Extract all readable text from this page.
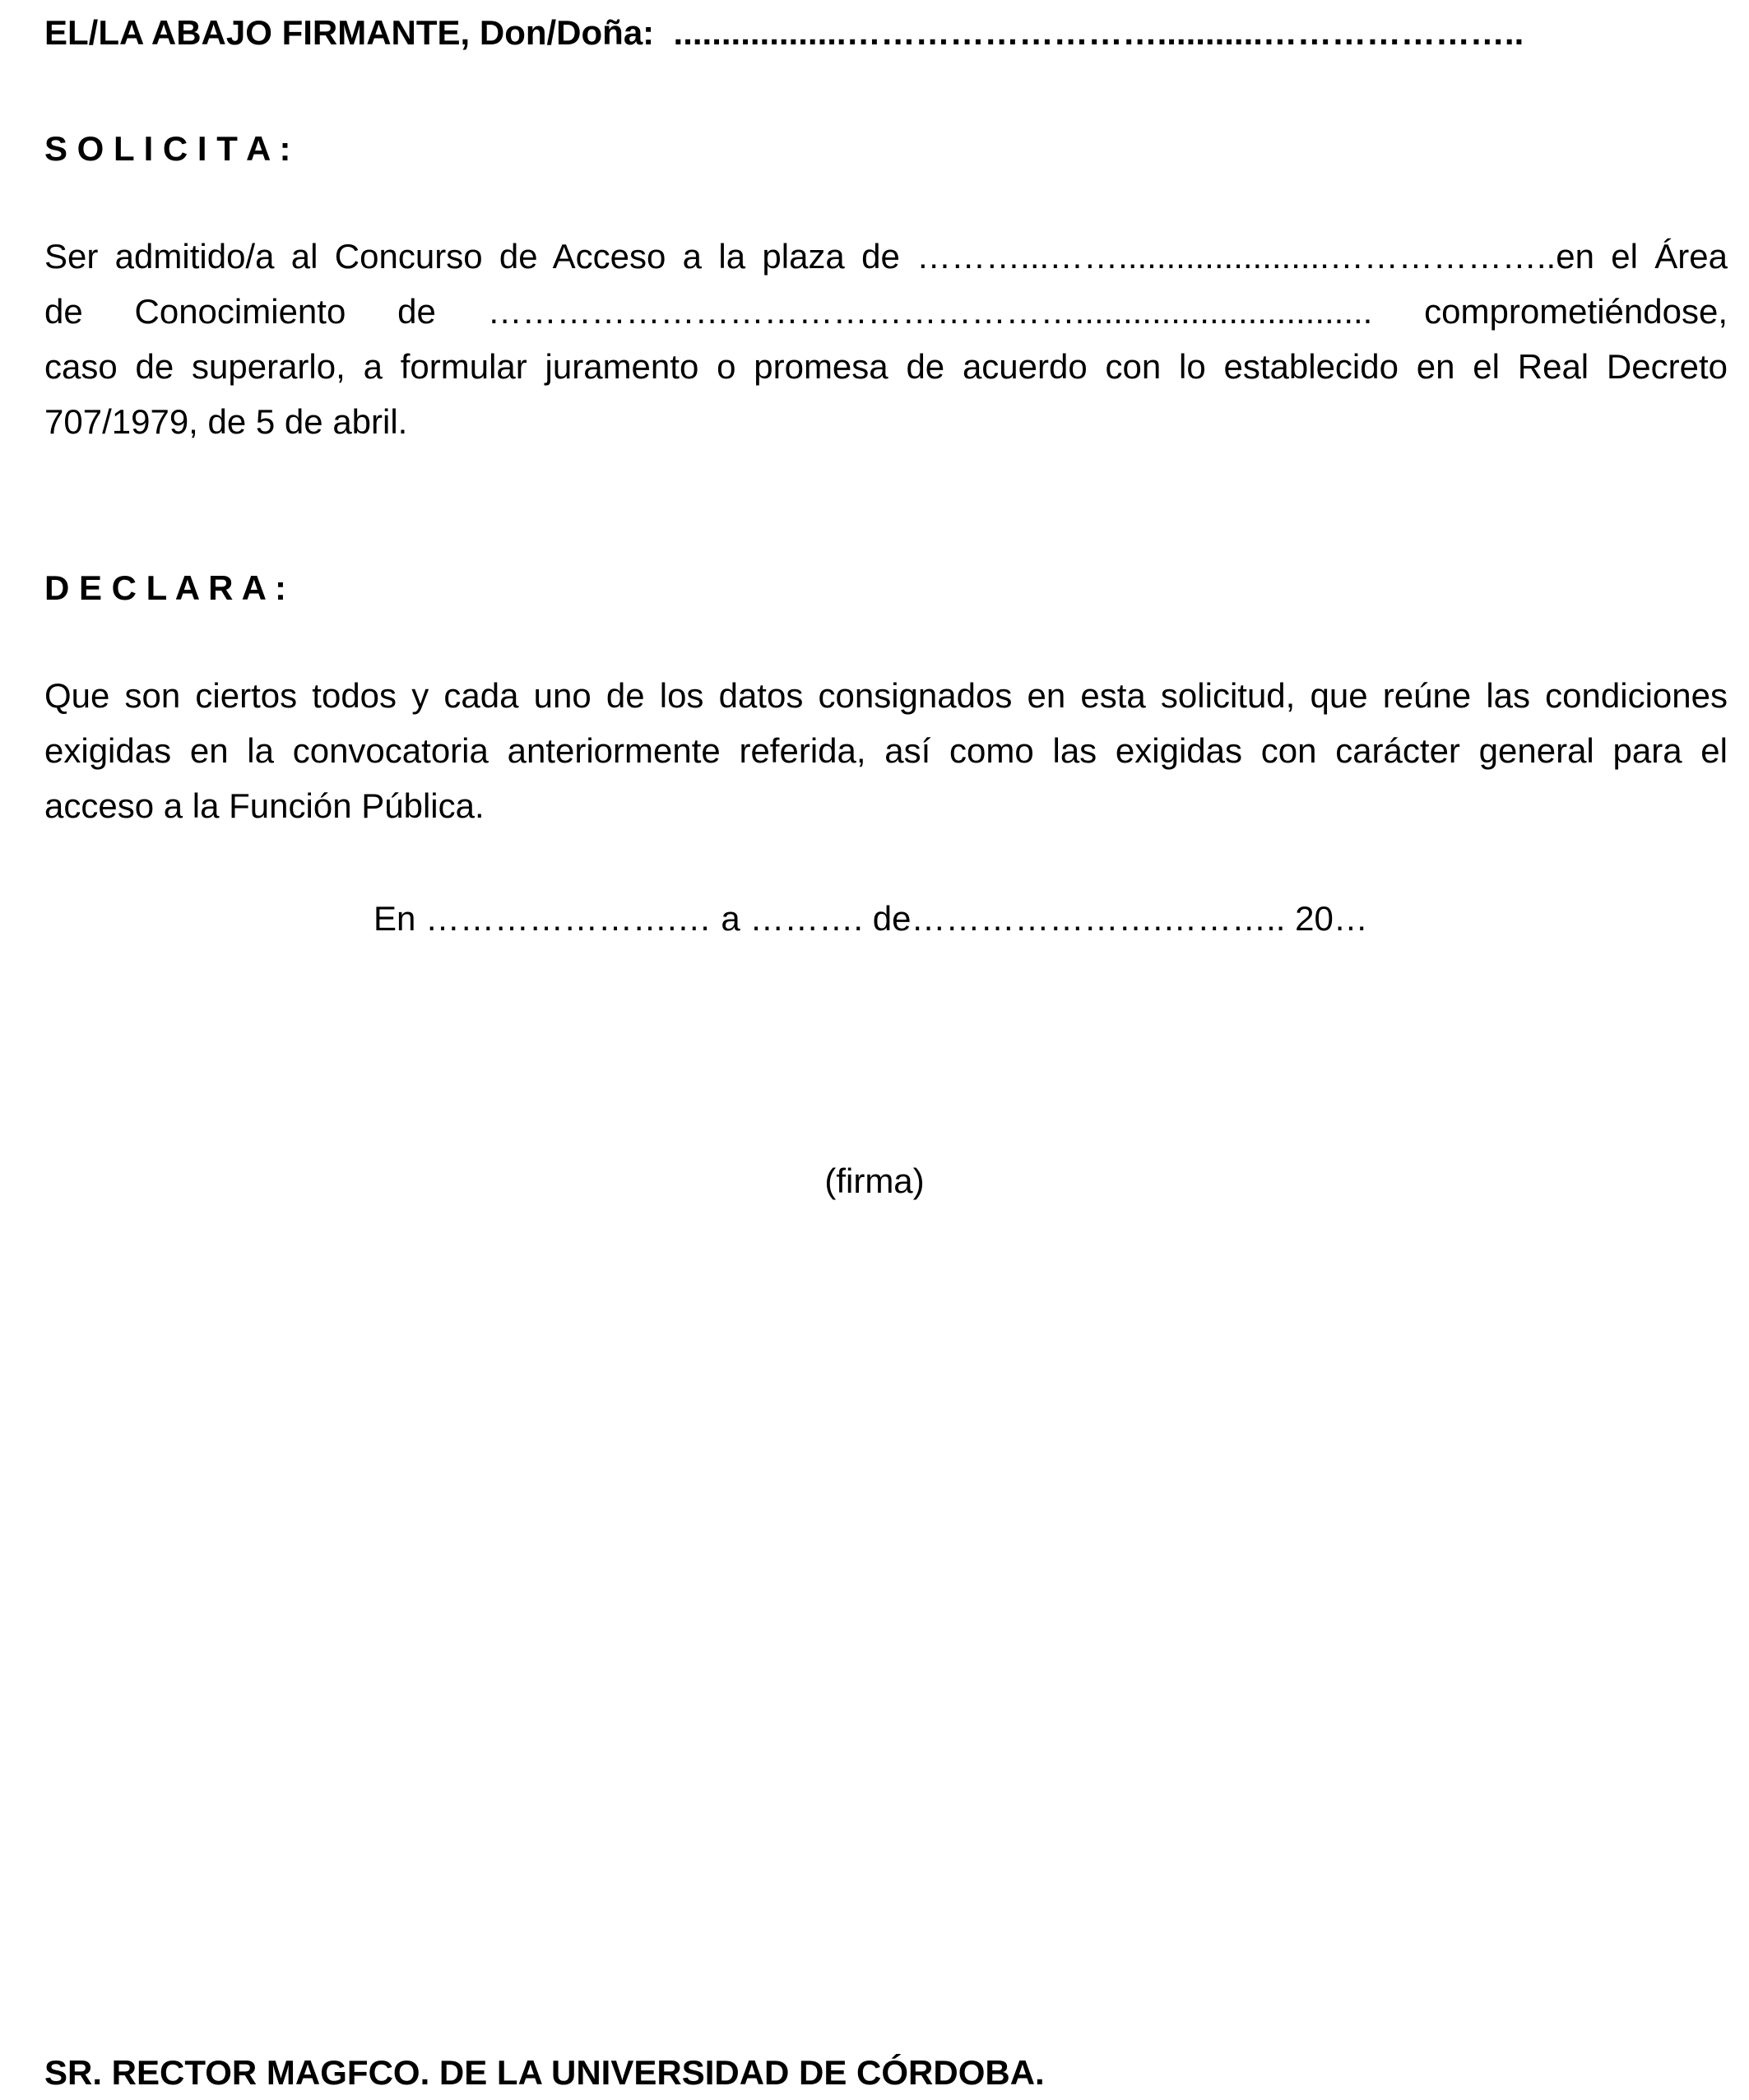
EL/LA ABAJO FIRMANTE, Don/Doña: ..................………………………...........…………………..
S O L I C I T A :
Ser admitido/a al Concurso de Acceso a la plaza de ………...……......................………………..en el Área
de Conocimiento de ……………………………………………............................... comprometiéndose,
caso de superarlo, a formular juramento o promesa de acuerdo con lo establecido en el Real Decreto
707/1979, de 5 de abril.
D E C L A R A :
Que son ciertos todos y cada uno de los datos consignados en esta solicitud, que reúne las condiciones
exigidas en la convocatoria anteriormente referida, así como las exigidas con carácter general para el
acceso a la Función Pública.
En ………………….… a ………. de………………….……….. 20…
(firma)
SR. RECTOR MAGFCO. DE LA UNIVERSIDAD DE CÓRDOBA.
